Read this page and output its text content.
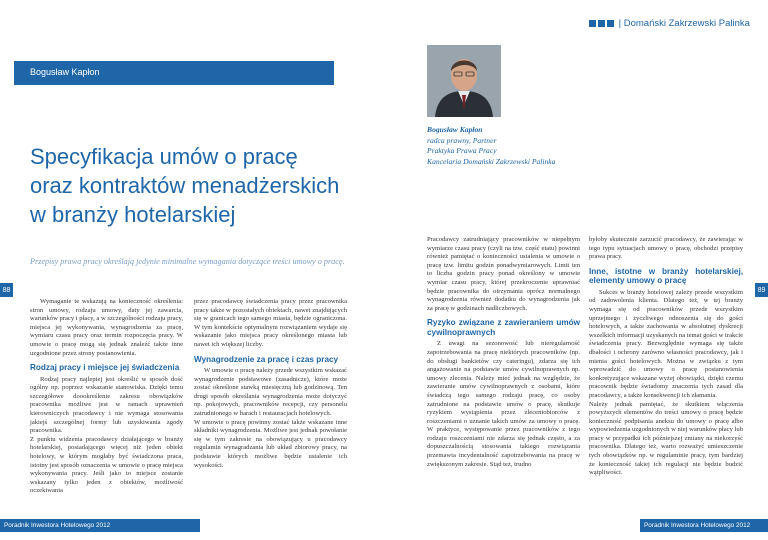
| Domański Zakrzewski Palinka
Bogusław Kapłon
Specyfikacja umów o pracę
oraz kontraktów menadżerskich
w branży hotelarskiej
Przepisy prawa pracy określają jedynie minimalne wymagania dotyczące treści umowy o pracę.
Bogusław Kapłon
radca prawny, Partner
Praktyka Prawa Pracy
Kancelaria Domański Zakrzewski Palinka
88	89

Wymaganie te wskazują na konieczność określenia: stron umowy, rodzaju umowy, daty jej zawarcia, warunków pracy i płacy, a w szczególności rodzaju pracy, miejsca jej wykonywania, wynagrodzenia za pracę, wymiaru czasu pracy oraz termin rozpoczęcia pracy. W umowie o pracę mogą się jednak znaleźć także inne uzgodnione przez strony postanowienia.

Rodzaj pracy i miejsce jej świadczenia

Rodzaj pracy najlepiej jest określić w sposób dość ogólny np. poprzez wskazanie stanowiska. Dzięki temu szczegółowe doookreślenie zakresu obowiązków pracownika możliwe jest w ramach uprawnień kierowniczych pracodawcy i nie wymaga stosowania jakiejś szczególnej formy lub uzyskiwania zgody pracownika.

Z punktu widzenia pracodawcy działającego w branży hotelarskiej, posiadającego więcej niż jeden obiekt hotelowy, w którym mogłaby być świadczona praca, istotny jest sposób oznaczenia w umowie o pracę miejsca wykonywania pracy. Jeśli jako to miejsce zostanie wskazany tylko jeden z obiektów, możliwość oczekiwania

przez pracodawcę świadczenia pracy przez pracownika pracy także w pozostałych obiektach, nawet znajdujących się w granicach tego samego miasta, będzie ograniczona. W tym kontekście optymalnym rozwiązaniem wydaje się wskazanie jako miejsca pracy określonego miasta lub nawet ich większej liczby.

Wynagrodzenie za pracę i czas pracy

W umowie o pracę należy przede wszystkim wskazać wynagrodzenie podstawowe (zasadnicze), które może zostać określone stawką miesięczną lub godzinową. Ten drugi sposób określania wynagrodzenia może dotyczyć np. pokojowych, pracowników recepcji, czy personelu zatrudnionego w barach i restauracjach hotelowych.

W umowie o pracę powinny zostać także wskazane inne składniki wynagrodzenia. Możliwe jest jednak powołanie się w tym zakresie na obowiązujący u pracodawcy regulamin wynagradzania lub układ zbiorowy pracy, na podstawie których możliwe będzie ustalenie ich wysokości.

Pracodawcy zatrudniający pracowników w niepełnym wymiarze czasu pracy (czyli na tzw. część etatu) powinni również pamiętać o konieczności ustalenia w umowie o pracę tzw. limitu godzin ponadwymiarowych. Limit ten to liczba godzin pracy ponad określony w umowie wymiar czasu pracy, której przekroczenie uprawniać będzie pracownika do otrzymania oprócz normalnego wynagrodzenia również dodatku do wynagrodzenia jak za pracę w godzinach nadliczbowych.

Ryzyko związane z zawieraniem umów cywilnoprawnych

Z uwagi na sezonowość lub nieregularność zapotrzebowania na pracę niektórych pracowników (np. do obsługi bankietów czy cateringu), zdarza się ich angażowanie na podstawie umów cywilnoprawnych np. umowy zlecenia. Należy mieć jednak na względzie, że zawieranie umów cywilnoprawnych z osobami, które świadczą tego samego rodzaju pracę, co osoby zatrudnione na podstawie umów o pracę, skutkuje ryzykiem wystąpienia przez zleceniobiorców z roszczeniami o uznanie takich umów za umowy o pracę. W praktyce, występowanie przez pracowników z tego rodzaju roszczeniami nie zdarza się jednak często, a za dopuszczalnością stosowania takiego rozwiązania przemawia incydentalność zapotrzebowania na pracę w zwiększonym zakresie. Stąd też, trudno

byłoby skutecznie zarzucić pracodawcy, że zawierając w tego typu sytuacjach umowy o pracę, obchodzi przepisy prawa pracy.

Inne, istotne w branży hotelarskiej, elementy umowy o pracę

Sukces w branży hotelowej zależy przede wszystkim od zadowolenia klienta. Dlatego też, w tej branży wymaga się od pracowników przede wszystkim uprzejmego i życzliwego odnoszenia się do gości hotelowych, a także zachowania w absolutnej dyskrecji wszelkich informacji uzyskanych na temat gości w trakcie świadczenia pracy. Bezwzględnie wymaga się także dbałości i ochrony zarówno własności pracodawcy, jak i mienia gości hotelowych. Można w związku z tym wprowadzić do umowy o pracę postanowienia konkretyzujące wskazane wyżej obowiązki, dzięki czemu pracownik będzie świadomy znaczenia tych zasad dla pracodawcy, a także konsekwencji ich złamania.

Należy jednak pamiętać, że skutkiem włączenia powyższych elementów do treści umowy o pracę będzie konieczność podpisania aneksu do umowy o pracę albo wypowiedzenia uzgodnionych w niej warunków płacy lub pracy w przypadku ich późniejszej zmiany na niekorzyść pracownika. Dlatego też, warto rozważyć umieszczenie tych obowiązków np. w regulaminie pracy, tym bardziej że konieczność takiej ich regulacji nie będzie budzić wątpliwości.

Poradnik Inwestora Hotelowego 2012	Poradnik Inwestora Hotelowego 2012
